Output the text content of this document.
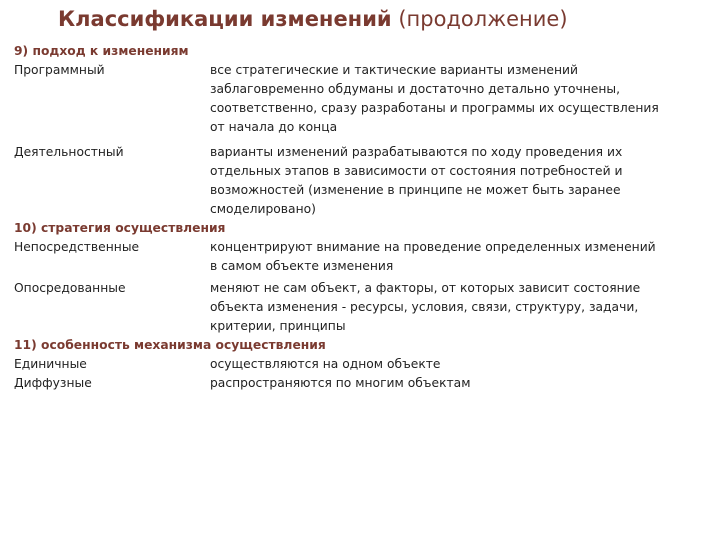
Классификации изменений (продолжение)
9) подход к изменениям
Программный	все стратегические и тактические варианты изменений
заблаговременно обдуманы и достаточно детально уточнены,
соответственно, сразу разработаны и программы их осуществления
от начала до конца
Деятельностный	варианты изменений разрабатываются по ходу проведения их
отдельных этапов в зависимости от состояния потребностей и
возможностей (изменение в принципе не может быть заранее
смоделировано)
10) стратегия осуществления
Непосредственные	концентрируют внимание на проведение определенных изменений
в самом объекте изменения
Опосредованные	меняют не сам объект, а факторы, от которых зависит состояние
объекта изменения - ресурсы, условия, связи, структуру, задачи,
критерии, принципы
11) особенность механизма осуществления
Единичные	осуществляются на одном объекте
Диффузные	распространяются по многим объектам
